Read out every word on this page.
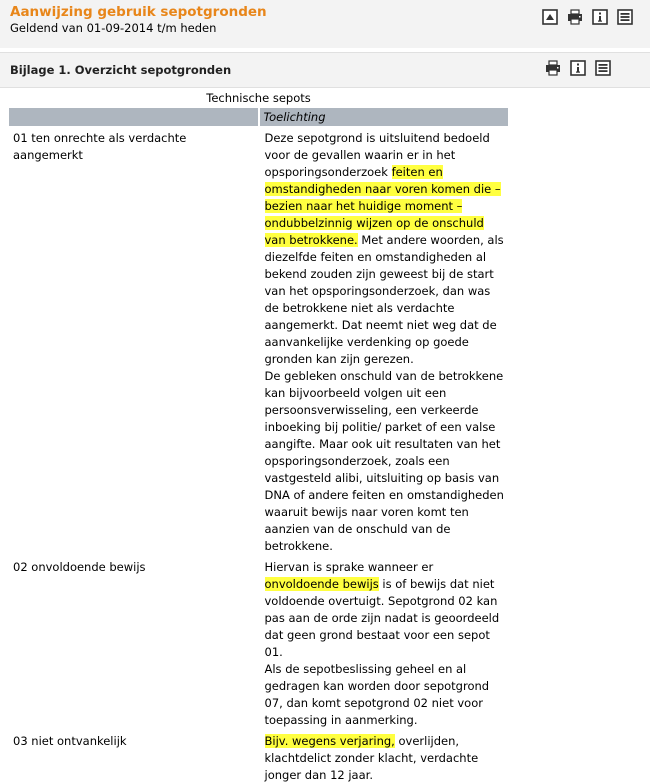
Aanwijzing gebruik sepotgronden
Geldend van 01-09-2014 t/m heden
Bijlage 1. Overzicht sepotgronden
Technische sepots
	Toelichting
01 ten onrechte als verdachte aangemerkt	Deze sepotgrond is uitsluitend bedoeld voor de gevallen waarin er in het opsporingsonderzoek feiten en omstandigheden naar voren komen die – bezien naar het huidige moment – ondubbelzinnig wijzen op de onschuld van betrokkene. Met andere woorden, als diezelfde feiten en omstandigheden al bekend zouden zijn geweest bij de start van het opsporingsonderzoek, dan was de betrokkene niet als verdachte aangemerkt. Dat neemt niet weg dat de aanvankelijke verdenking op goede gronden kan zijn gerezen.

De gebleken onschuld van de betrokkene kan bijvoorbeeld volgen uit een persoonsverwisseling, een verkeerde inboeking bij politie/ parket of een valse aangifte. Maar ook uit resultaten van het opsporingsonderzoek, zoals een vastgesteld alibi, uitsluiting op basis van DNA of andere feiten en omstandigheden waaruit bewijs naar voren komt ten aanzien van de onschuld van de betrokkene.

02 onvoldoende bewijs	Hiervan is sprake wanneer er onvoldoende bewijs is of bewijs dat niet voldoende overtuigt. Sepotgrond 02 kan pas aan de orde zijn nadat is geoordeeld dat geen grond bestaat voor een sepot 01.

Als de sepotbeslissing geheel en al gedragen kan worden door sepotgrond 07, dan komt sepotgrond 02 niet voor toepassing in aanmerking.

03 niet ontvankelijk	Bijv. wegens verjaring, overlijden, klachtdelict zonder klacht, verdachte jonger dan 12 jaar.
